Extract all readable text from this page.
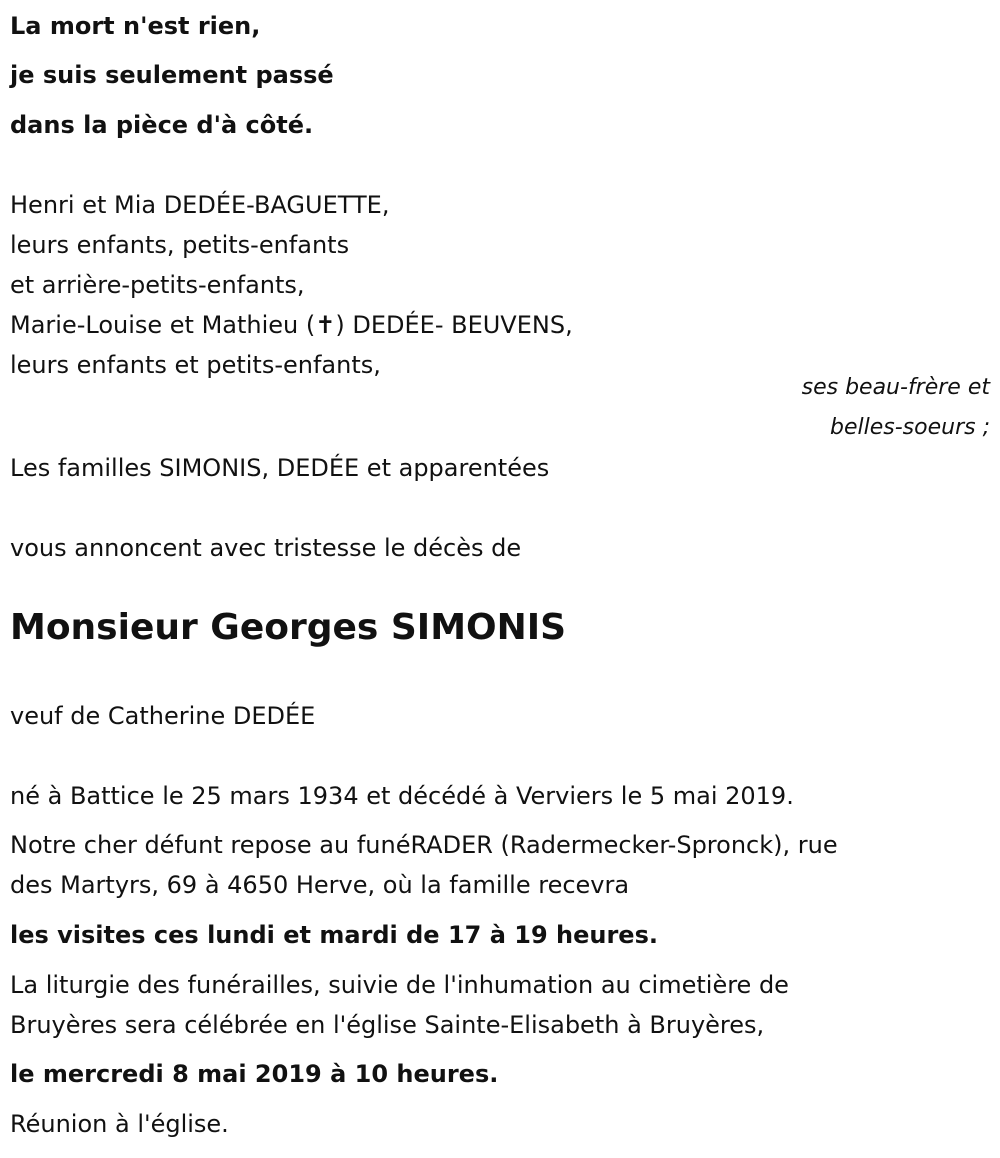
La mort n'est rien,

je suis seulement passé

dans la pièce d'à côté.

Henri et Mia DEDÉE-BAGUETTE,

leurs enfants, petits-enfants

et arrière-petits-enfants,

Marie-Louise et Mathieu (✝) DEDÉE- BEUVENS,

leurs enfants et petits-enfants,

ses beau-frère et

belles-soeurs ;

Les familles SIMONIS, DEDÉE et apparentées

vous annoncent avec tristesse le décès de

Monsieur Georges SIMONIS

veuf de Catherine DEDÉE

né à Battice le 25 mars 1934 et décédé à Verviers le 5 mai 2019.

Notre cher défunt repose au funéRADER (Radermecker-Spronck), rue

des Martyrs, 69 à 4650 Herve, où la famille recevra

les visites ces lundi et mardi de 17 à 19 heures.

La liturgie des funérailles, suivie de l'inhumation au cimetière de

Bruyères sera célébrée en l'église Sainte-Elisabeth à Bruyères,

le mercredi 8 mai 2019 à 10 heures.

Réunion à l'église.
